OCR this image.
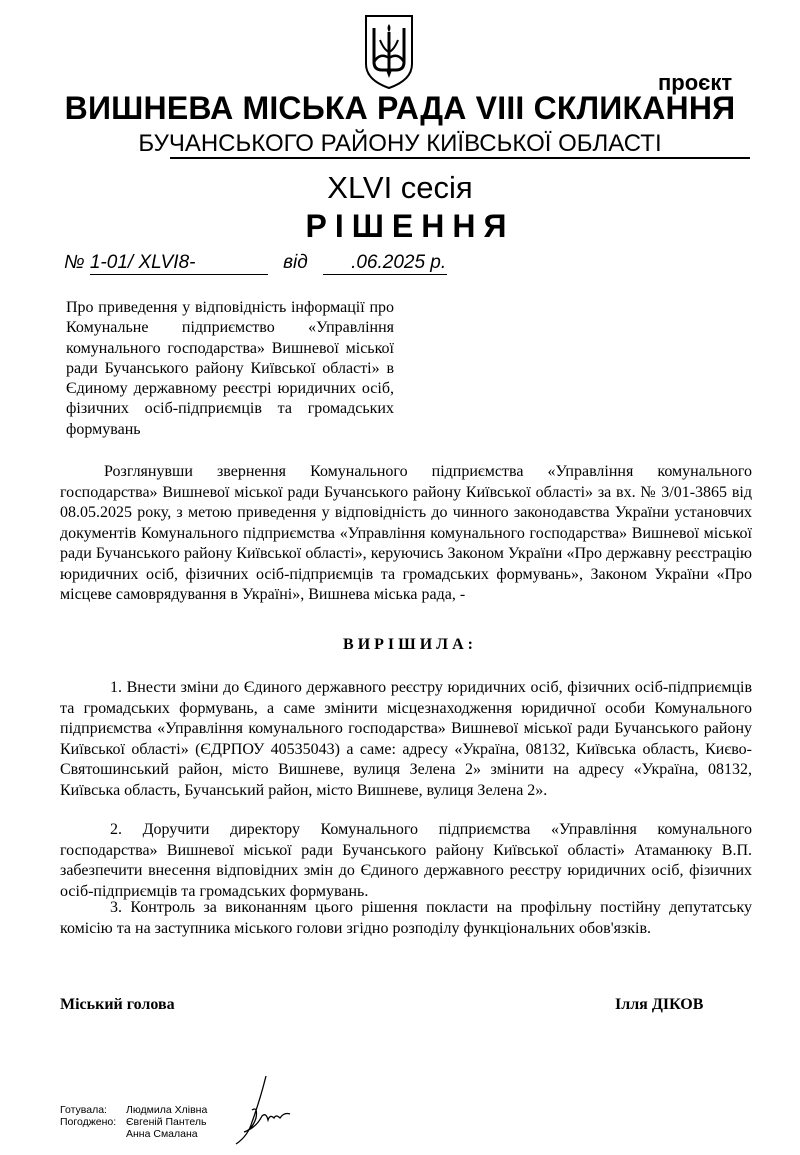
проєкт
ВИШНЕВА МІСЬКА РАДА VIII СКЛИКАННЯ
БУЧАНСЬКОГО РАЙОНУ КИЇВСЬКОЇ ОБЛАСТІ
XLVI сесія
РІШЕННЯ
№ 1-01/ XLVI8-	від .06.2025 р.
Про приведення у відповідність інформації про Комунальне підприємство «Управління комунального господарства» Вишневої міської ради Бучанського району Київської області» в Єдиному державному реєстрі юридичних осіб, фізичних осіб-підприємців та громадських формувань

Розглянувши звернення Комунального підприємства «Управління комунального господарства» Вишневої міської ради Бучанського району Київської області» за вх. № 3/01-3865 від 08.05.2025 року, з метою приведення у відповідність до чинного законодавства України установчих документів Комунального підприємства «Управління комунального господарства» Вишневої міської ради Бучанського району Київської області», керуючись Законом України «Про державну реєстрацію юридичних осіб, фізичних осіб-підприємців та громадських формувань», Законом України «Про місцеве самоврядування в Україні», Вишнева міська рада, -

ВИРІШИЛА:

1. Внести зміни до Єдиного державного реєстру юридичних осіб, фізичних осіб-підприємців та громадських формувань, а саме змінити місцезнаходження юридичної особи Комунального підприємства «Управління комунального господарства» Вишневої міської ради Бучанського району Київської області» (ЄДРПОУ 40535043) а саме: адресу «Україна, 08132, Київська область, Києво-Святошинський район, місто Вишневе, вулиця Зелена 2» змінити на адресу «Україна, 08132, Київська область, Бучанський район, місто Вишневе, вулиця Зелена 2».

2. Доручити директору Комунального підприємства «Управління комунального господарства» Вишневої міської ради Бучанського району Київської області» Атаманюку В.П. забезпечити внесення відповідних змін до Єдиного державного реєстру юридичних осіб, фізичних осіб-підприємців та громадських формувань.

3. Контроль за виконанням цього рішення покласти на профільну постійну депутатську комісію та на заступника міського голови згідно розподілу функціональних обов'язків.

Міський голова	Ілля ДІКОВ
Готувала:	Людмила Хлівна
Погоджено: Євгеній Пантель
Анна Смалана
